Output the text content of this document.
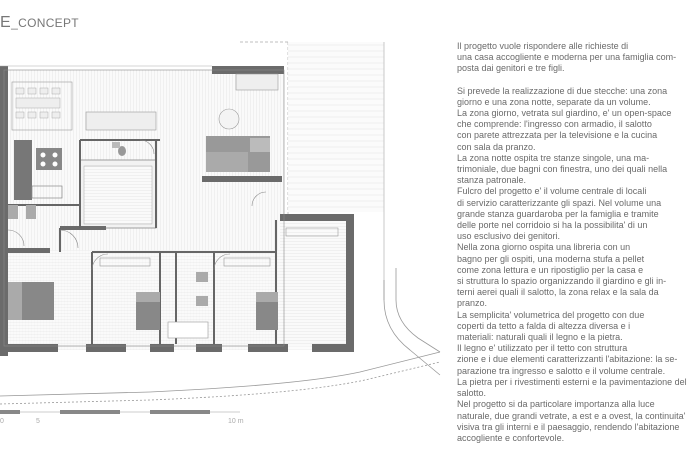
E_CONCEPT
0	5	10 m

Il progetto vuole rispondere alle richieste di

una casa accogliente e moderna per una famiglia com-

posta dai genitori e tre figli.

Si prevede la realizzazione di due stecche: una zona

giorno e una zona notte, separate da un volume.

La zona giorno, vetrata sul giardino, e' un open-space

che comprende: l'ingresso con armadio, il salotto

con parete attrezzata per la televisione e la cucina

con sala da pranzo.

La zona notte ospita tre stanze singole, una ma-

trimoniale, due bagni con finestra, uno dei quali nella

stanza patronale.

Fulcro del progetto e' il volume centrale di locali

di servizio caratterizzante gli spazi. Nel volume una

grande stanza guardaroba per la famiglia e tramite

delle porte nel corridoio si ha la possibilita' di un

uso esclusivo dei genitori.

Nella zona giorno ospita una libreria con un

bagno per gli ospiti, una moderna stufa a pellet

come zona lettura e un ripostiglio per la casa e

si struttura lo spazio organizzando il giardino e gli in-

terni aerei quali il salotto, la zona relax e la sala da

pranzo.

La semplicita' volumetrica del progetto con due

coperti da tetto a falda di altezza diversa e i

materiali: naturali quali il legno e la pietra.

Il legno e' utilizzato per il tetto con struttura

zione e i due elementi caratterizzanti l'abitazione: la se-

parazione tra ingresso e salotto e il volume centrale.

La pietra per i rivestimenti esterni e la pavimentazione del

salotto.

Nel progetto si da particolare importanza alla luce

naturale, due grandi vetrate, a est e a ovest, la continuita'

visiva tra gli interni e il paesaggio, rendendo l'abitazione

accogliente e confortevole.
